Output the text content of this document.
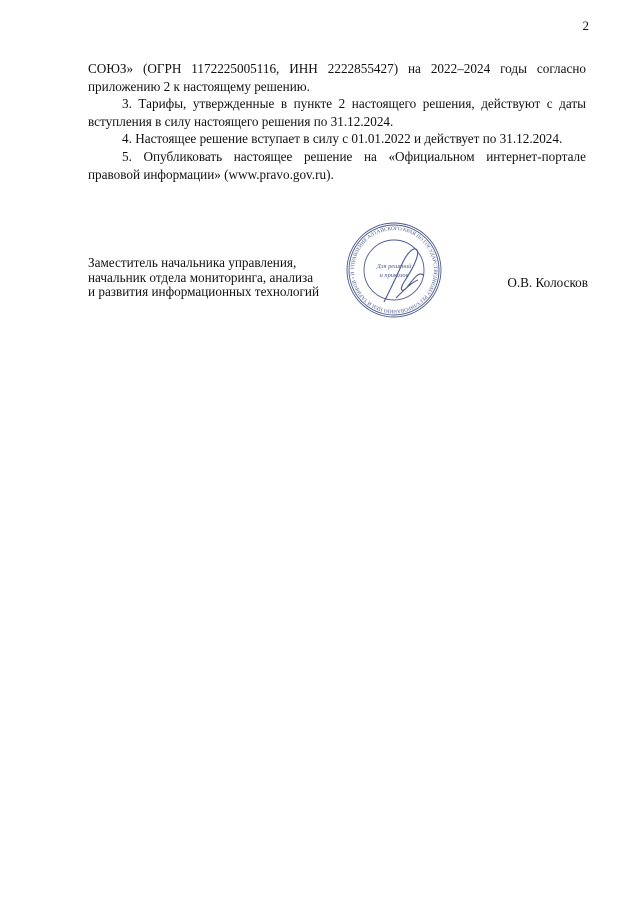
2

СОЮЗ» (ОГРН 1172225005116, ИНН 2222855427) на 2022–2024 годы согласно приложению 2 к настоящему решению.

3. Тарифы, утвержденные в пункте 2 настоящего решения, действуют с даты вступления в силу настоящего решения по 31.12.2024.

4. Настоящее решение вступает в силу с 01.01.2022 и действует по 31.12.2024.

5. Опубликовать настоящее решение на «Официальном интернет-портале правовой информации» (www.pravo.gov.ru).

Заместитель начальника управления,
начальник отдела мониторинга, анализа
и развития информационных технологий
УПРАВЛЕНИЕ АЛТАЙСКОГО КРАЯ ПО ГОСУДАРСТВЕННОМУ РЕГУЛИРОВАНИЮ ЦЕН И ТАРИФОВ • И
Для решений
и приказов	О.В. Колосков
